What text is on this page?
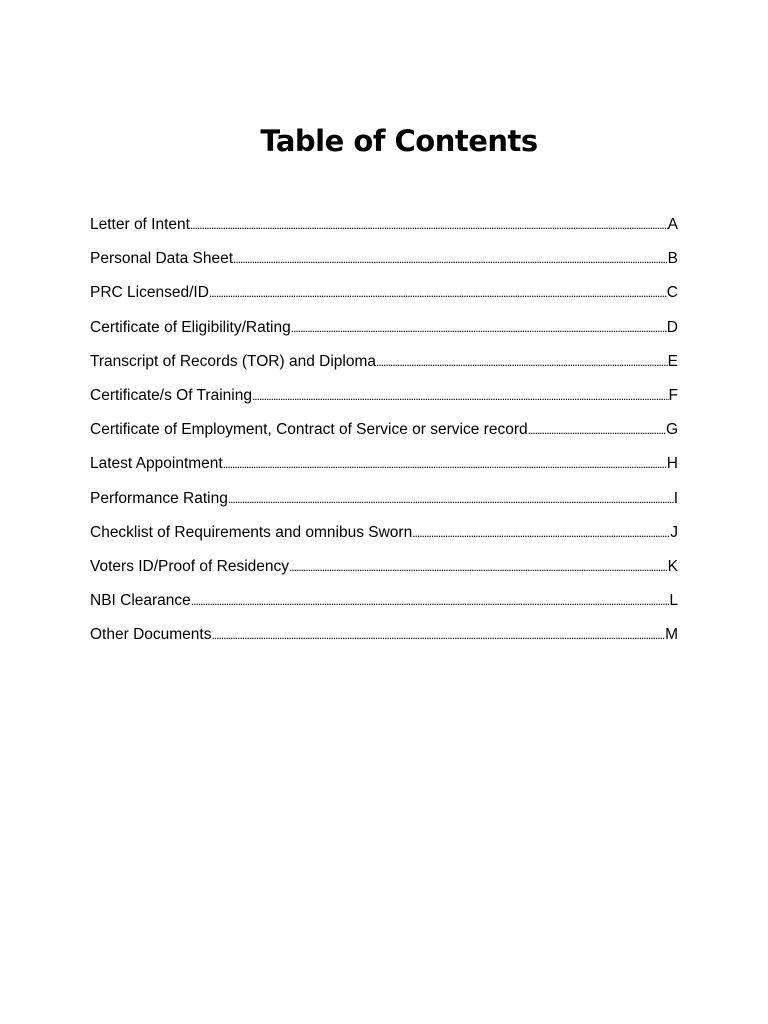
Table of Contents
Letter of Intent .....	A
Personal Data Sheet .....	B
PRC Licensed/ID .....	C
Certificate of Eligibility/Rating .....	D
Transcript of Records (TOR) and Diploma .....	E
Certificate/s Of Training .....	F
Certificate of Employment, Contract of Service or service record .....	G
Latest Appointment .....	H
Performance Rating .....	I
Checklist of Requirements and omnibus Sworn .....	J
Voters ID/Proof of Residency .....	K
NBI Clearance .....	L
Other Documents .....	M
